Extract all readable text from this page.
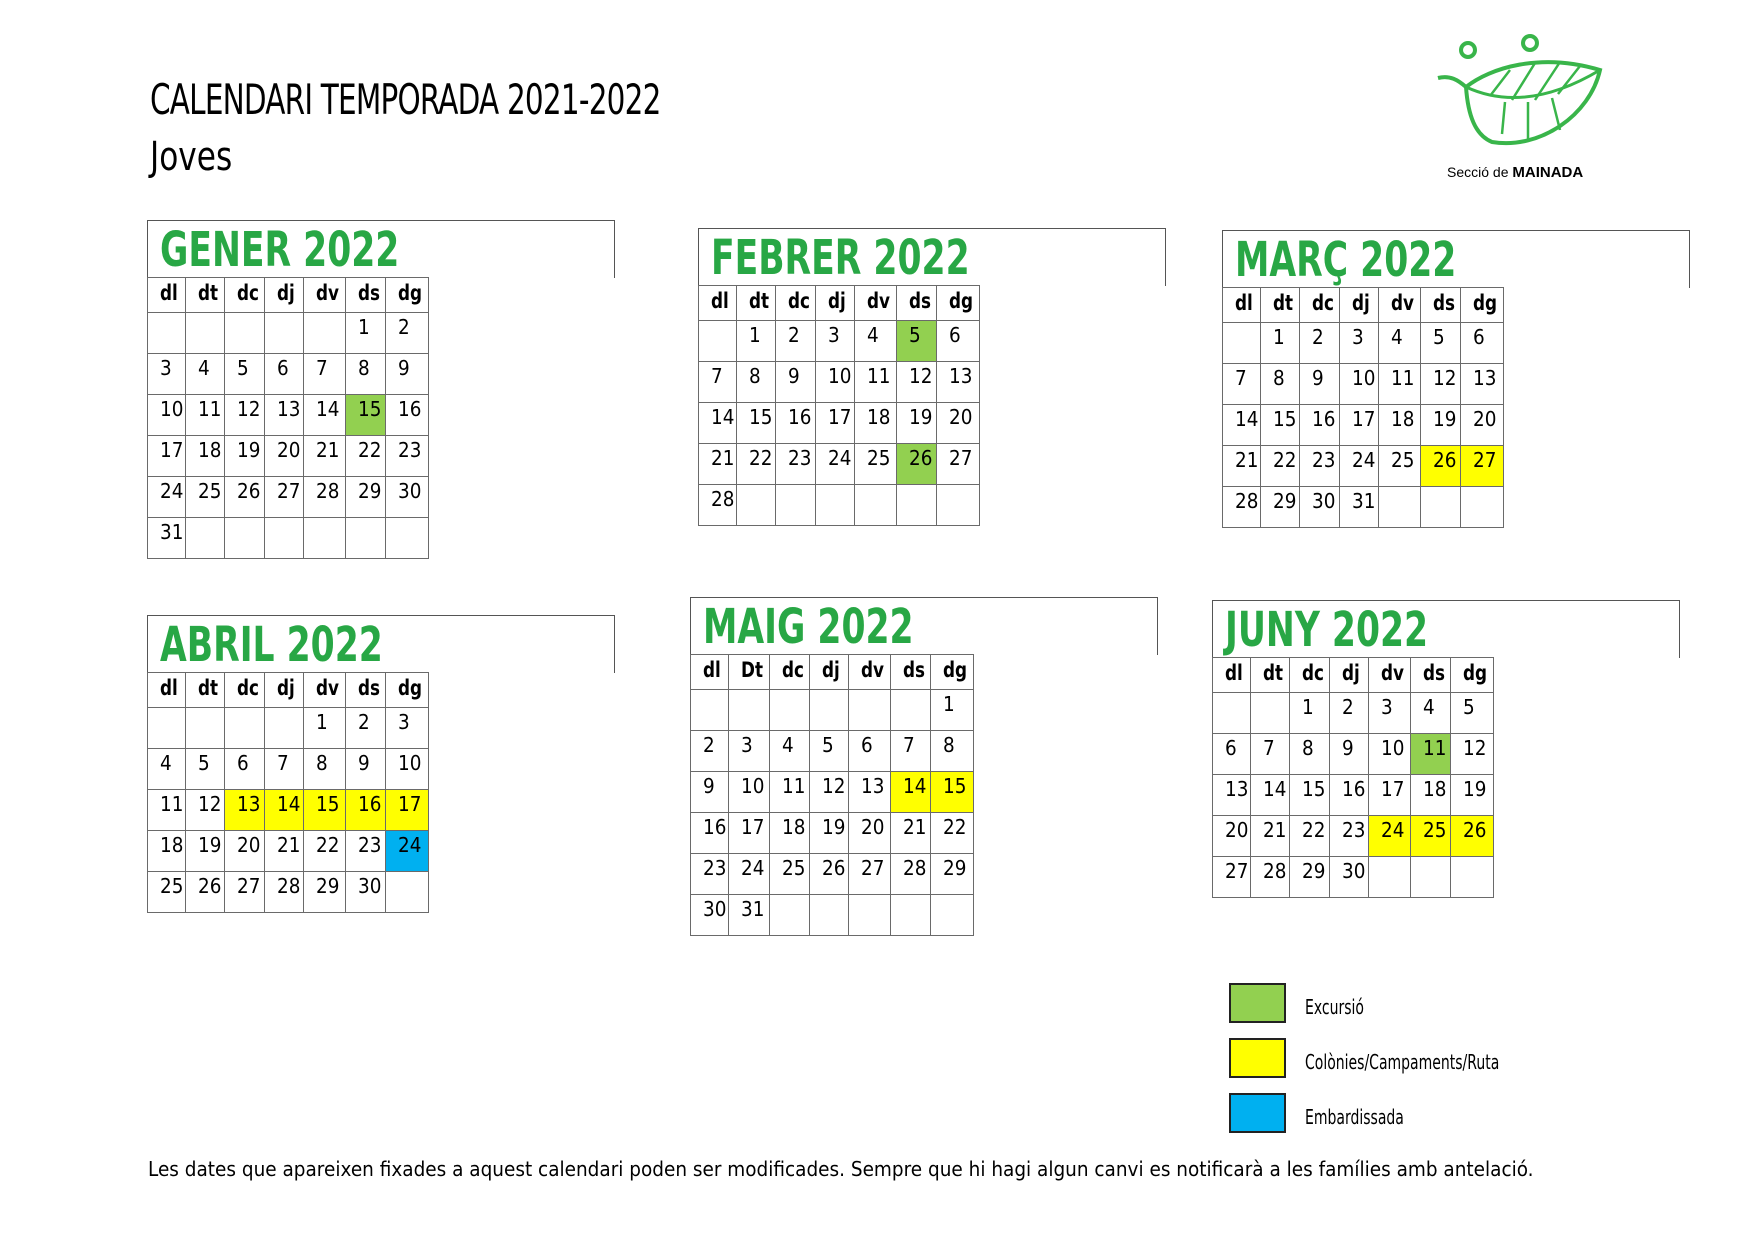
CALENDARI TEMPORADA 2021-2022
Joves	Secció de MAINADA
GENER 2022
dl	dt	dc	dj	dv	ds	dg
					1	2
3	4	5	6	7	8	9
10	11	12	13	14	15	16
17	18	19	20	21	22	23
24	25	26	27	28	29	30
31						
FEBRER 2022
dl	dt	dc	dj	dv	ds	dg
	1	2	3	4	5	6
7	8	9	10	11	12	13
14	15	16	17	18	19	20
21	22	23	24	25	26	27
28						
MARÇ 2022
dl	dt	dc	dj	dv	ds	dg
	1	2	3	4	5	6
7	8	9	10	11	12	13
14	15	16	17	18	19	20
21	22	23	24	25	26	27
28	29	30	31			
ABRIL 2022
dl	dt	dc	dj	dv	ds	dg
				1	2	3
4	5	6	7	8	9	10
11	12	13	14	15	16	17
18	19	20	21	22	23	24
25	26	27	28	29	30	
MAIG 2022
dl	Dt	dc	dj	dv	ds	dg
						1
2	3	4	5	6	7	8
9	10	11	12	13	14	15
16	17	18	19	20	21	22
23	24	25	26	27	28	29
30	31					
JUNY 2022
dl	dt	dc	dj	dv	ds	dg
		1	2	3	4	5
6	7	8	9	10	11	12
13	14	15	16	17	18	19
20	21	22	23	24	25	26
27	28	29	30			
Excursió
Colònies/Campaments/Ruta
Embardissada
Les dates que apareixen fixades a aquest calendari poden ser modificades. Sempre que hi hagi algun canvi es notificarà a les famílies amb antelació.
